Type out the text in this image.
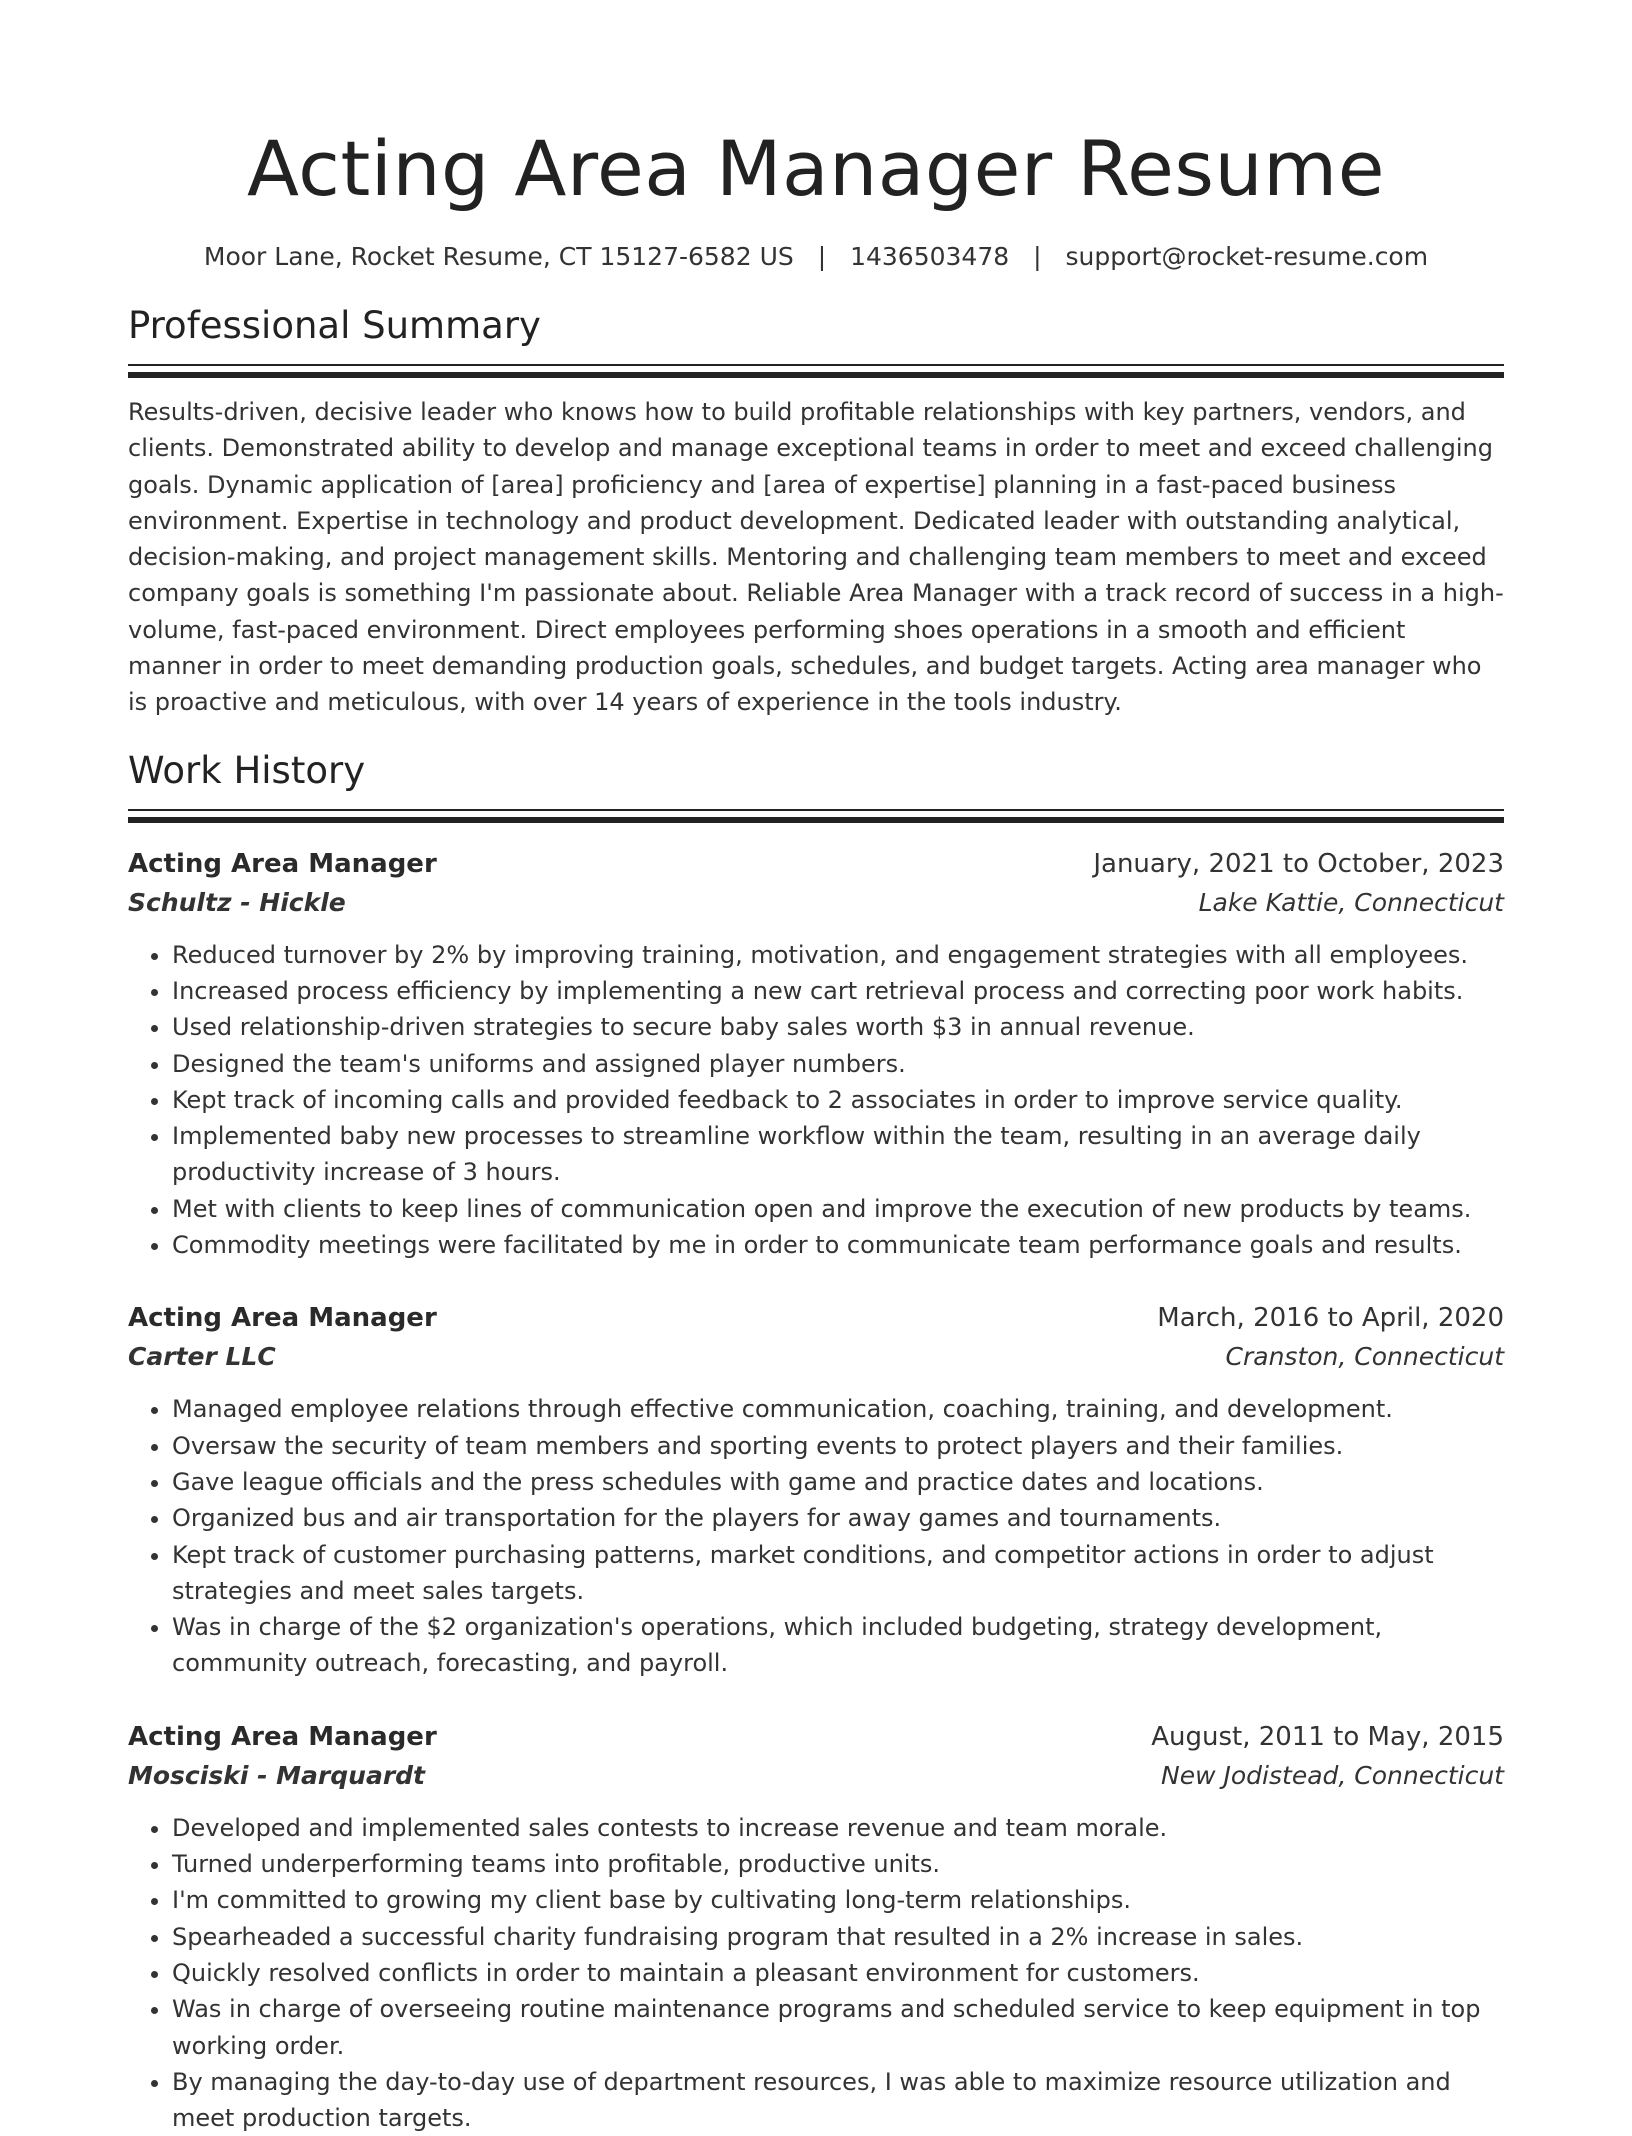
Acting Area Manager Resume
Moor Lane, Rocket Resume, CT 15127-6582 US | 1436503478 | support@rocket-resume.com
Professional Summary

Results-driven, decisive leader who knows how to build profitable relationships with key partners, vendors, and clients. Demonstrated ability to develop and manage exceptional teams in order to meet and exceed challenging goals. Dynamic application of [area] proficiency and [area of expertise] planning in a fast-paced business environment. Expertise in technology and product development. Dedicated leader with outstanding analytical, decision-making, and project management skills. Mentoring and challenging team members to meet and exceed company goals is something I'm passionate about. Reliable Area Manager with a track record of success in a high-volume, fast-paced environment. Direct employees performing shoes operations in a smooth and efficient manner in order to meet demanding production goals, schedules, and budget targets. Acting area manager who is proactive and meticulous, with over 14 years of experience in the tools industry.

Work History
Acting Area Manager	January, 2021 to October, 2023
Schultz - Hickle	Lake Kattie, Connecticut
• Reduced turnover by 2% by improving training, motivation, and engagement strategies with all employees.
• Increased process efficiency by implementing a new cart retrieval process and correcting poor work habits.
• Used relationship-driven strategies to secure baby sales worth $3 in annual revenue.
• Designed the team's uniforms and assigned player numbers.
• Kept track of incoming calls and provided feedback to 2 associates in order to improve service quality.
• Implemented baby new processes to streamline workflow within the team, resulting in an average daily productivity increase of 3 hours.
• Met with clients to keep lines of communication open and improve the execution of new products by teams.
• Commodity meetings were facilitated by me in order to communicate team performance goals and results.
Acting Area Manager	March, 2016 to April, 2020
Carter LLC	Cranston, Connecticut
• Managed employee relations through effective communication, coaching, training, and development.
• Oversaw the security of team members and sporting events to protect players and their families.
• Gave league officials and the press schedules with game and practice dates and locations.
• Organized bus and air transportation for the players for away games and tournaments.
• Kept track of customer purchasing patterns, market conditions, and competitor actions in order to adjust strategies and meet sales targets.
• Was in charge of the $2 organization's operations, which included budgeting, strategy development, community outreach, forecasting, and payroll.
Acting Area Manager	August, 2011 to May, 2015
Mosciski - Marquardt	New Jodistead, Connecticut
• Developed and implemented sales contests to increase revenue and team morale.
• Turned underperforming teams into profitable, productive units.
• I'm committed to growing my client base by cultivating long-term relationships.
• Spearheaded a successful charity fundraising program that resulted in a 2% increase in sales.
• Quickly resolved conflicts in order to maintain a pleasant environment for customers.
• Was in charge of overseeing routine maintenance programs and scheduled service to keep equipment in top working order.
• By managing the day-to-day use of department resources, I was able to maximize resource utilization and meet production targets.
